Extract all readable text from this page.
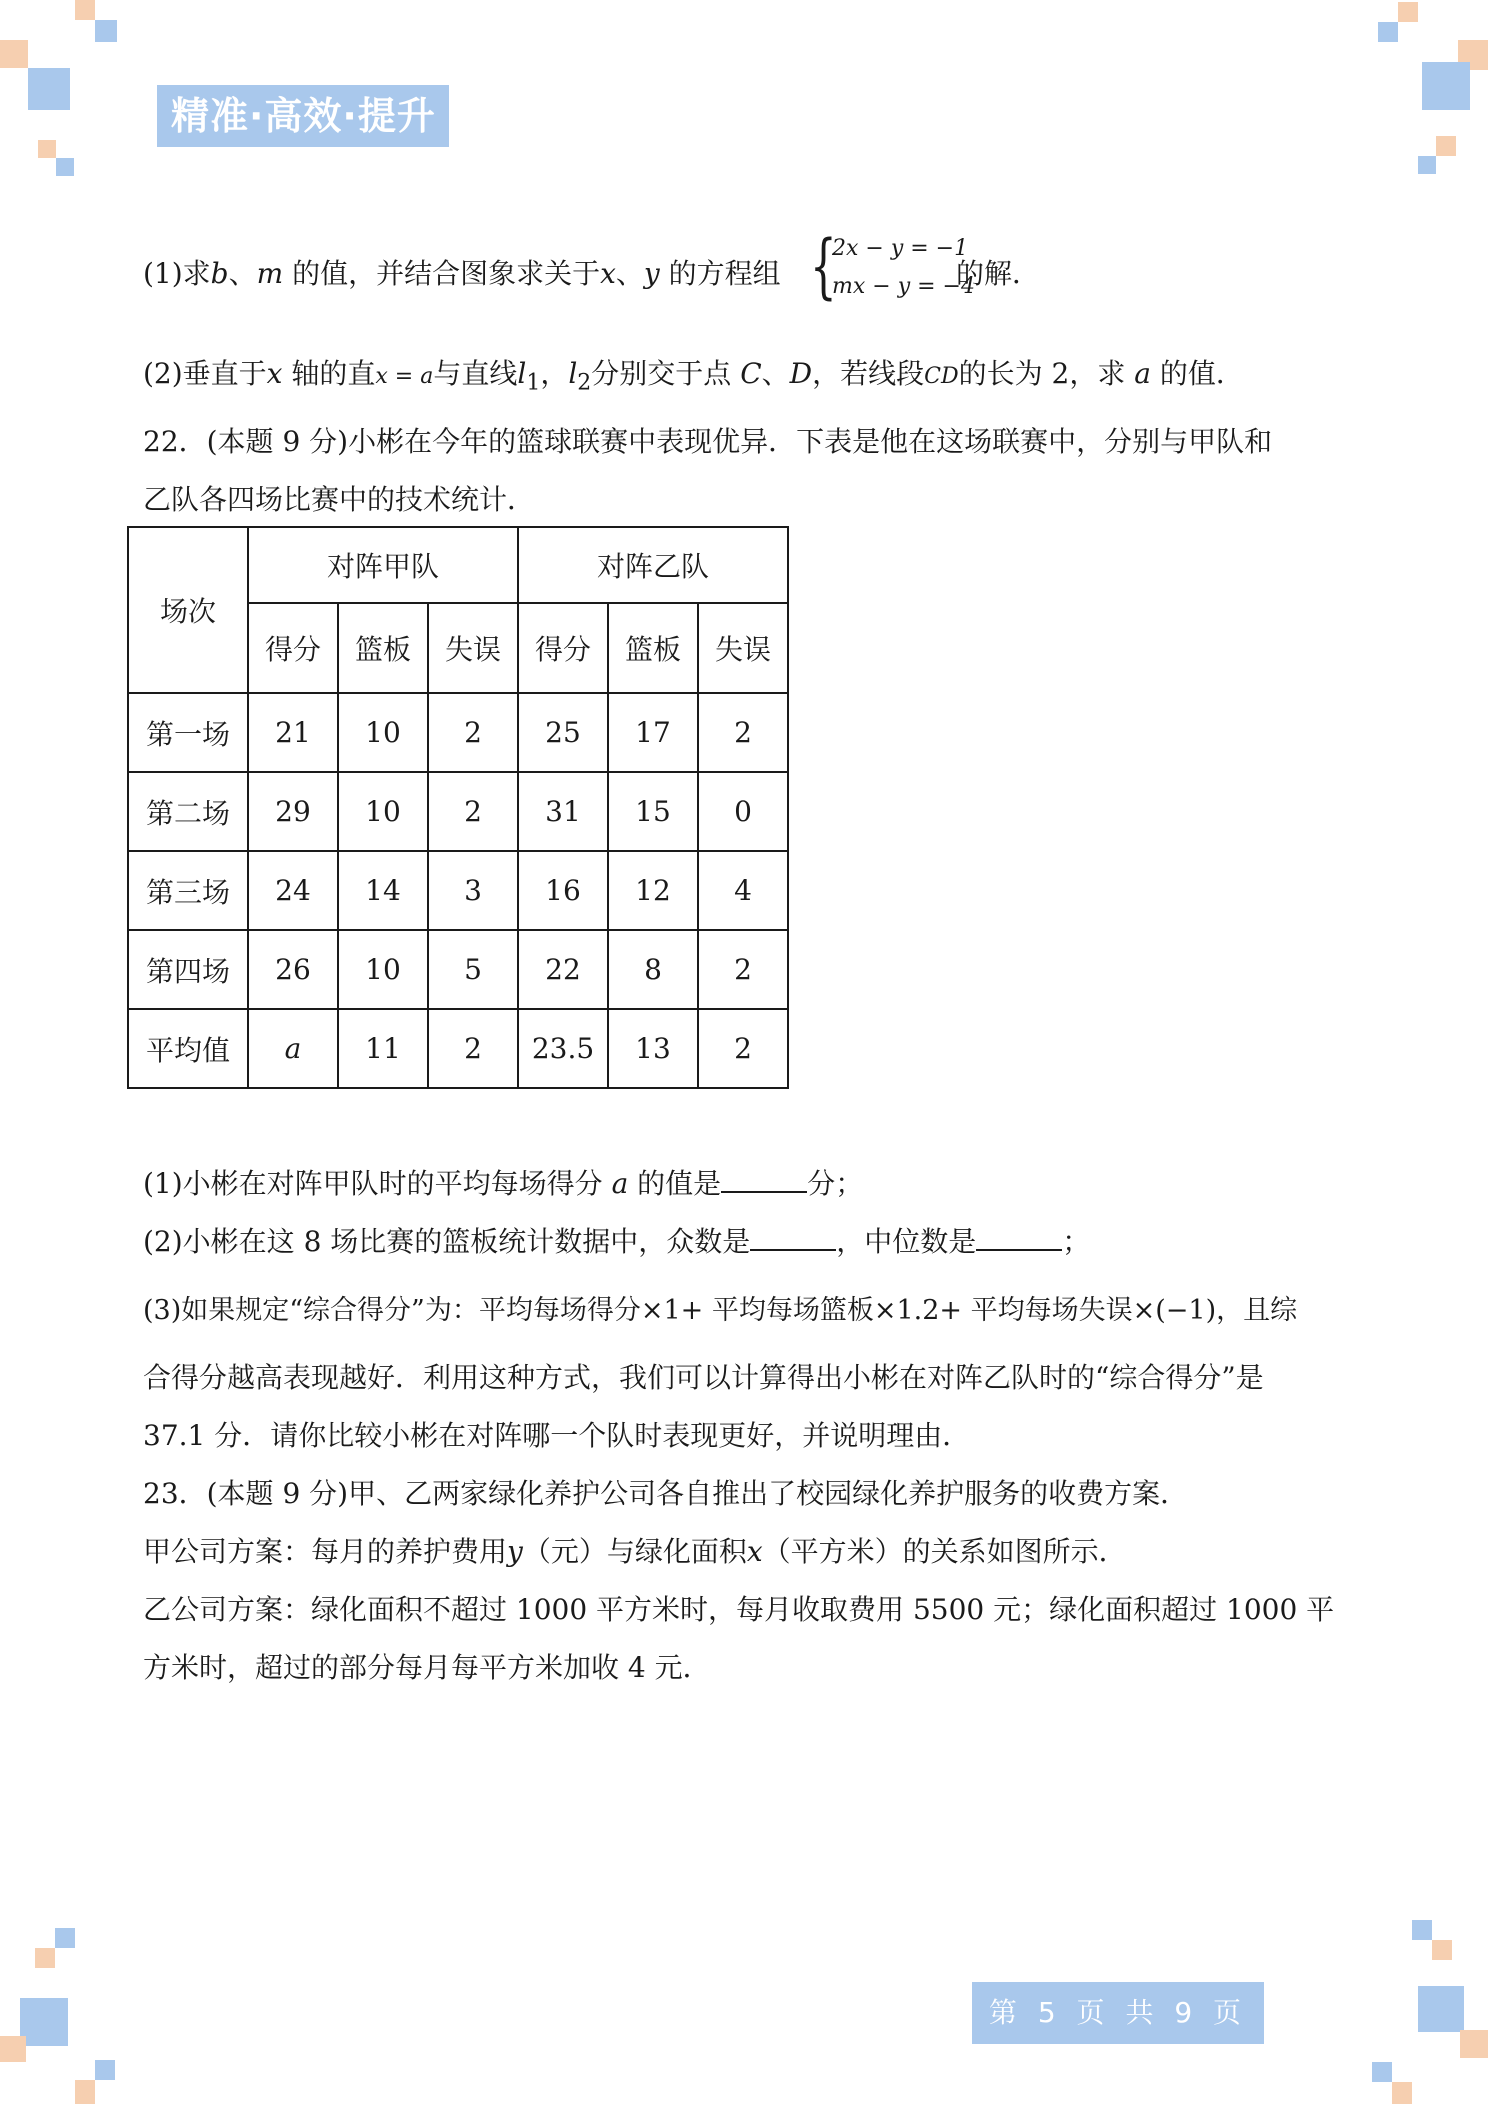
精准·高效·提升
(1)求b、m 的值，并结合图象求关于x、y 的方程组 {
2x − y = −1
mx − y = −4
的解．
(2)垂直于x 轴的直x = a与直线$l_1$，$l_2$分别交于点 C、D，若线段CD的长为 2，求 a 的值．
22．(本题 9 分)小彬在今年的篮球联赛中表现优异．下表是他在这场联赛中，分别与甲队和
乙队各四场比赛中的技术统计．
场次	对阵甲队			对阵乙队		
	得分	篮板	失误	得分	篮板	失误
第一场	21	10	2	25	17	2
第二场	29	10	2	31	15	0
第三场	24	14	3	16	12	4
第四场	26	10	5	22	8	2
平均值	a	11	2	23.5	13	2
(1)小彬在对阵甲队时的平均每场得分 a 的值是	分；
(2)小彬在这 8 场比赛的篮板统计数据中，众数是	，中位数是	；
(3)如果规定“综合得分”为：平均每场得分×1+ 平均每场篮板×1.2+ 平均每场失误×(−1)，且综
合得分越高表现越好．利用这种方式，我们可以计算得出小彬在对阵乙队时的“综合得分”是
37.1 分．请你比较小彬在对阵哪一个队时表现更好，并说明理由．
23．(本题 9 分)甲、乙两家绿化养护公司各自推出了校园绿化养护服务的收费方案．
甲公司方案：每月的养护费用y（元）与绿化面积x（平方米）的关系如图所示．
乙公司方案：绿化面积不超过 1000 平方米时，每月收取费用 5500 元；绿化面积超过 1000 平
方米时，超过的部分每月每平方米加收 4 元．
第 5 页 共 9 页
